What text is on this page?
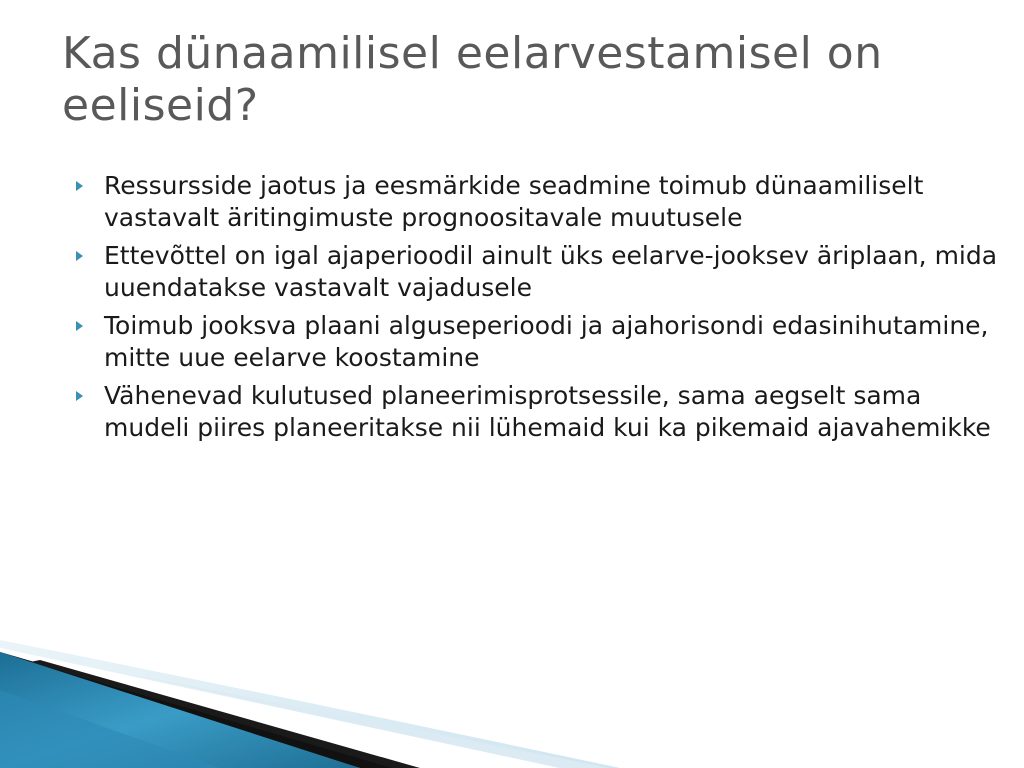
Kas dünaamilisel eelarvestamisel on eeliseid?
Ressursside jaotus ja eesmärkide seadmine toimub dünaamiliselt vastavalt äritingimuste prognoositavale muutusele
Ettevõttel on igal ajaperioodil ainult üks eelarve-jooksev äriplaan, mida uuendatakse vastavalt vajadusele
Toimub jooksva plaani alguseperioodi ja ajahorisondi edasinihutamine, mitte uue eelarve koostamine
Vähenevad kulutused planeerimisprotsessile, sama aegselt sama mudeli piires planeeritakse nii lühemaid kui ka pikemaid ajavahemikke
